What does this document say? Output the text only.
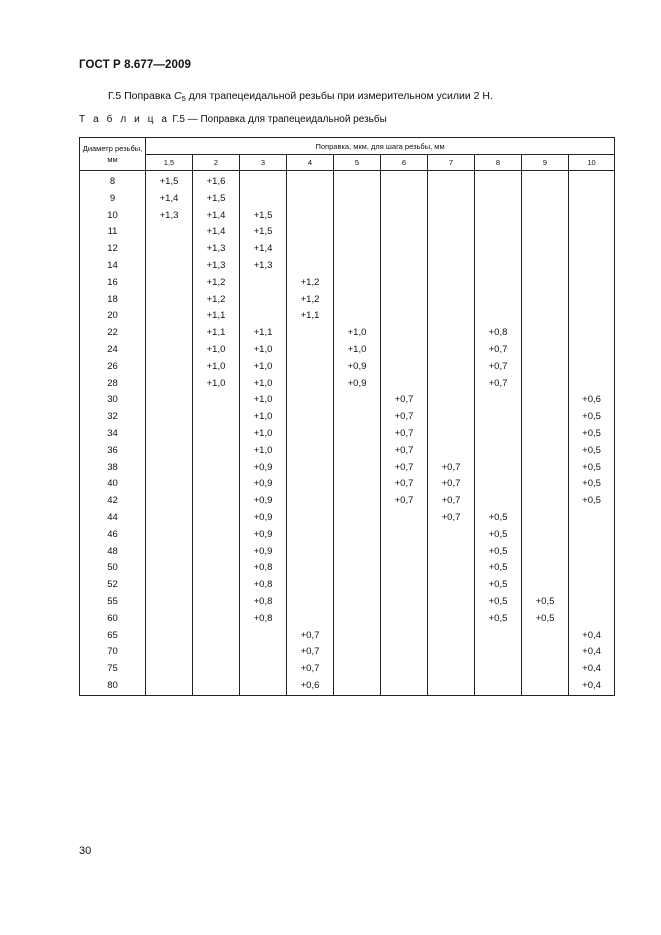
ГОСТ Р 8.677—2009
Г.5 Поправка $C_5$ для трапецеидальной резьбы при измерительном усилии 2 Н.
Т а б л и ц а Г.5 — Поправка для трапецеидальной резьбы
Диаметр резьбы, мм	Поправка, мкм, для шага резьбы, мм									
	1,5	2	3	4	5	6	7	8	9	10

8	+1,5	+1,6								
9	+1,4	+1,5								
10	+1,3	+1,4	+1,5							
11		+1,4	+1,5							
12		+1,3	+1,4							
14		+1,3	+1,3							
16		+1,2		+1,2						
18		+1,2		+1,2						
20		+1,1		+1,1						
22		+1,1	+1,1		+1,0			+0,8		
24		+1,0	+1,0		+1,0			+0,7		
26		+1,0	+1,0		+0,9			+0,7		
28		+1,0	+1,0		+0,9			+0,7		
30			+1,0			+0,7				+0,6
32			+1,0			+0,7				+0,5
34			+1,0			+0,7				+0,5
36			+1,0			+0,7				+0,5
38			+0,9			+0,7	+0,7			+0,5
40			+0,9			+0,7	+0,7			+0,5
42			+0,9			+0,7	+0,7			+0,5
44			+0,9				+0,7	+0,5		
46			+0,9					+0,5		
48			+0,9					+0,5		
50			+0,8					+0,5		
52			+0,8					+0,5		
55			+0,8					+0,5	+0,5	
60			+0,8					+0,5	+0,5	
65				+0,7						+0,4
70				+0,7						+0,4
75				+0,7						+0,4
80				+0,6						+0,4
30
